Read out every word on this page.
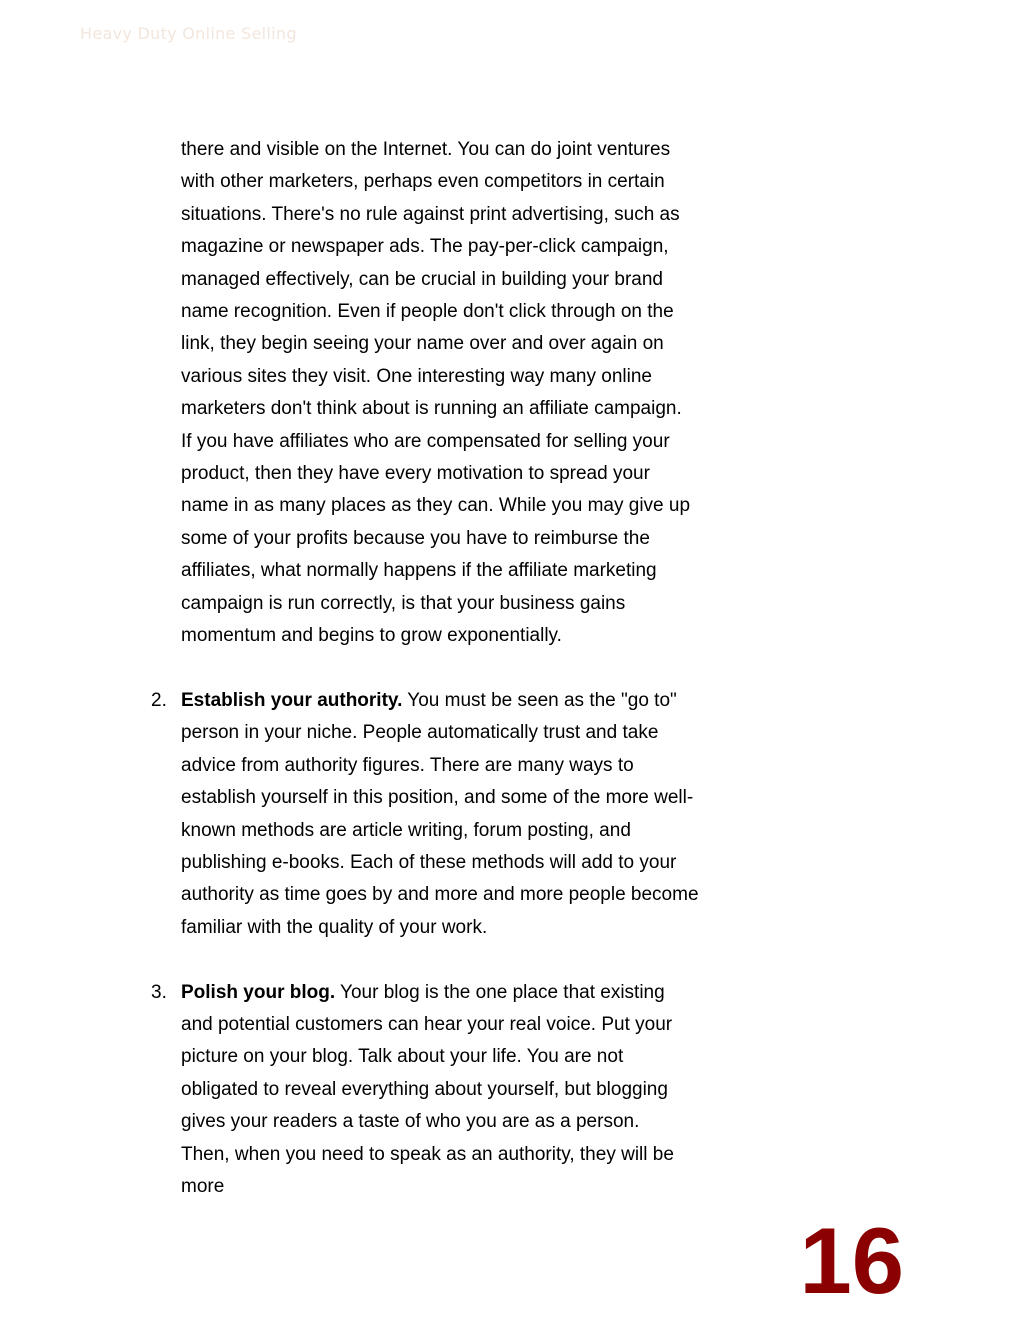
Heavy Duty Online Selling
there and visible on the Internet. You can do joint ventures
with other marketers, perhaps even competitors in certain
situations. There's no rule against print advertising, such as
magazine or newspaper ads. The pay-per-click campaign,
managed effectively, can be crucial in building your brand
name recognition. Even if people don't click through on the
link, they begin seeing your name over and over again on
various sites they visit. One interesting way many online
marketers don't think about is running an affiliate campaign.
If you have affiliates who are compensated for selling your
product, then they have every motivation to spread your
name in as many places as they can. While you may give up
some of your profits because you have to reimburse the
affiliates, what normally happens if the affiliate marketing
campaign is run correctly, is that your business gains
momentum and begins to grow exponentially.
2. Establish your authority. You must be seen as the "go to"
person in your niche. People automatically trust and take
advice from authority figures. There are many ways to
establish yourself in this position, and some of the more well-
known methods are article writing, forum posting, and
publishing e-books. Each of these methods will add to your
authority as time goes by and more and more people become
familiar with the quality of your work.
3. Polish your blog. Your blog is the one place that existing
and potential customers can hear your real voice. Put your
picture on your blog. Talk about your life. You are not
obligated to reveal everything about yourself, but blogging
gives your readers a taste of who you are as a person.
Then, when you need to speak as an authority, they will be
more
16
